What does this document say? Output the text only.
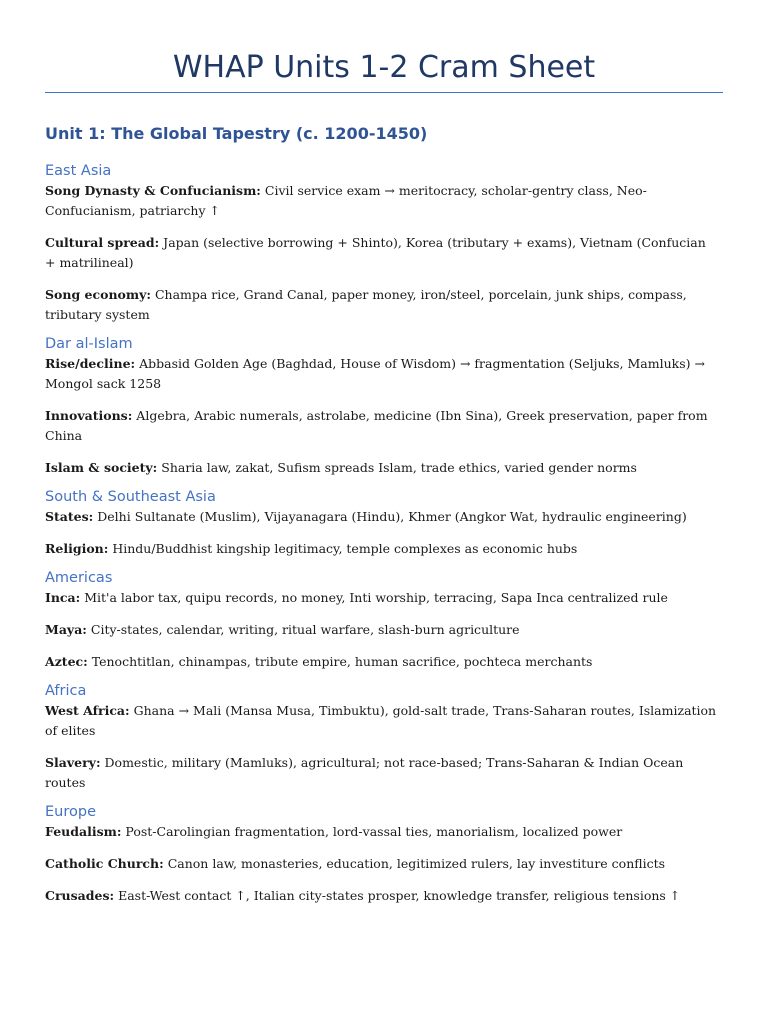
WHAP Units 1-2 Cram Sheet
Unit 1: The Global Tapestry (c. 1200-1450)
East Asia

Song Dynasty & Confucianism: Civil service exam → meritocracy, scholar-gentry class, Neo-Confucianism, patriarchy ↑

Cultural spread: Japan (selective borrowing + Shinto), Korea (tributary + exams), Vietnam (Confucian + matrilineal)

Song economy: Champa rice, Grand Canal, paper money, iron/steel, porcelain, junk ships, compass, tributary system

Dar al-Islam

Rise/decline: Abbasid Golden Age (Baghdad, House of Wisdom) → fragmentation (Seljuks, Mamluks) → Mongol sack 1258

Innovations: Algebra, Arabic numerals, astrolabe, medicine (Ibn Sina), Greek preservation, paper from China

Islam & society: Sharia law, zakat, Sufism spreads Islam, trade ethics, varied gender norms

South & Southeast Asia

States: Delhi Sultanate (Muslim), Vijayanagara (Hindu), Khmer (Angkor Wat, hydraulic engineering)

Religion: Hindu/Buddhist kingship legitimacy, temple complexes as economic hubs

Americas

Inca: Mit'a labor tax, quipu records, no money, Inti worship, terracing, Sapa Inca centralized rule

Maya: City-states, calendar, writing, ritual warfare, slash-burn agriculture

Aztec: Tenochtitlan, chinampas, tribute empire, human sacrifice, pochteca merchants

Africa

West Africa: Ghana → Mali (Mansa Musa, Timbuktu), gold-salt trade, Trans-Saharan routes, Islamization of elites

Slavery: Domestic, military (Mamluks), agricultural; not race-based; Trans-Saharan & Indian Ocean routes

Europe

Feudalism: Post-Carolingian fragmentation, lord-vassal ties, manorialism, localized power

Catholic Church: Canon law, monasteries, education, legitimized rulers, lay investiture conflicts

Crusades: East-West contact ↑, Italian city-states prosper, knowledge transfer, religious tensions ↑
